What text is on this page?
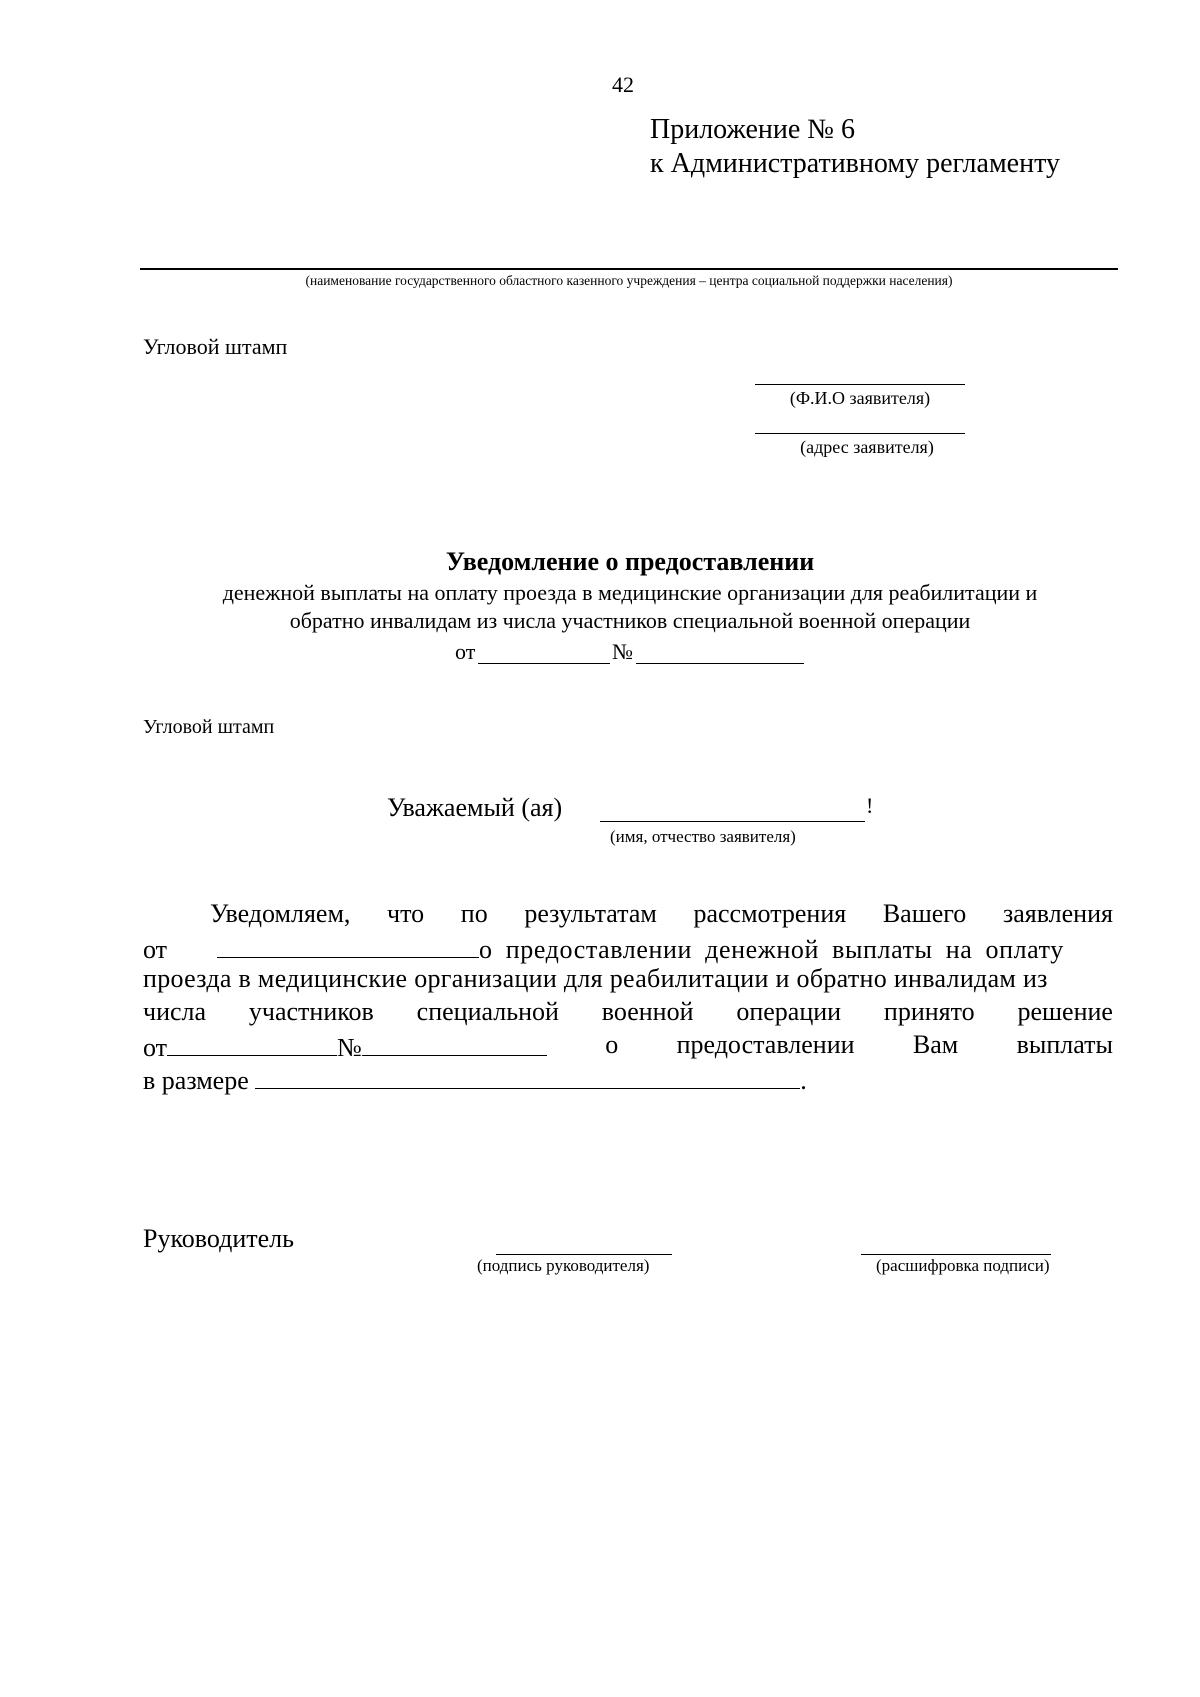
42
Приложение № 6
к Административному регламенту
(наименование государственного областного казенного учреждения – центра социальной поддержки населения)
Угловой штамп
(Ф.И.О заявителя)
(адрес заявителя)
Уведомление о предоставлении
денежной выплаты на оплату проезда в медицинские организации для реабилитации и
обратно инвалидам из числа участников специальной военной операции
от	№
Угловой штамп
Уважаемый (ая)	!
(имя, отчество заявителя)
Уведомляем, что по результатам рассмотрения Вашего заявления
от	о предоставлении денежной выплаты на оплату
проезда в медицинские организации для реабилитации и обратно инвалидам из
числа участников специальной военной операции принято решение
от	№	о предоставлении Вам выплаты
в размере	.
Руководитель
(подпись руководителя)	(расшифровка подписи)
